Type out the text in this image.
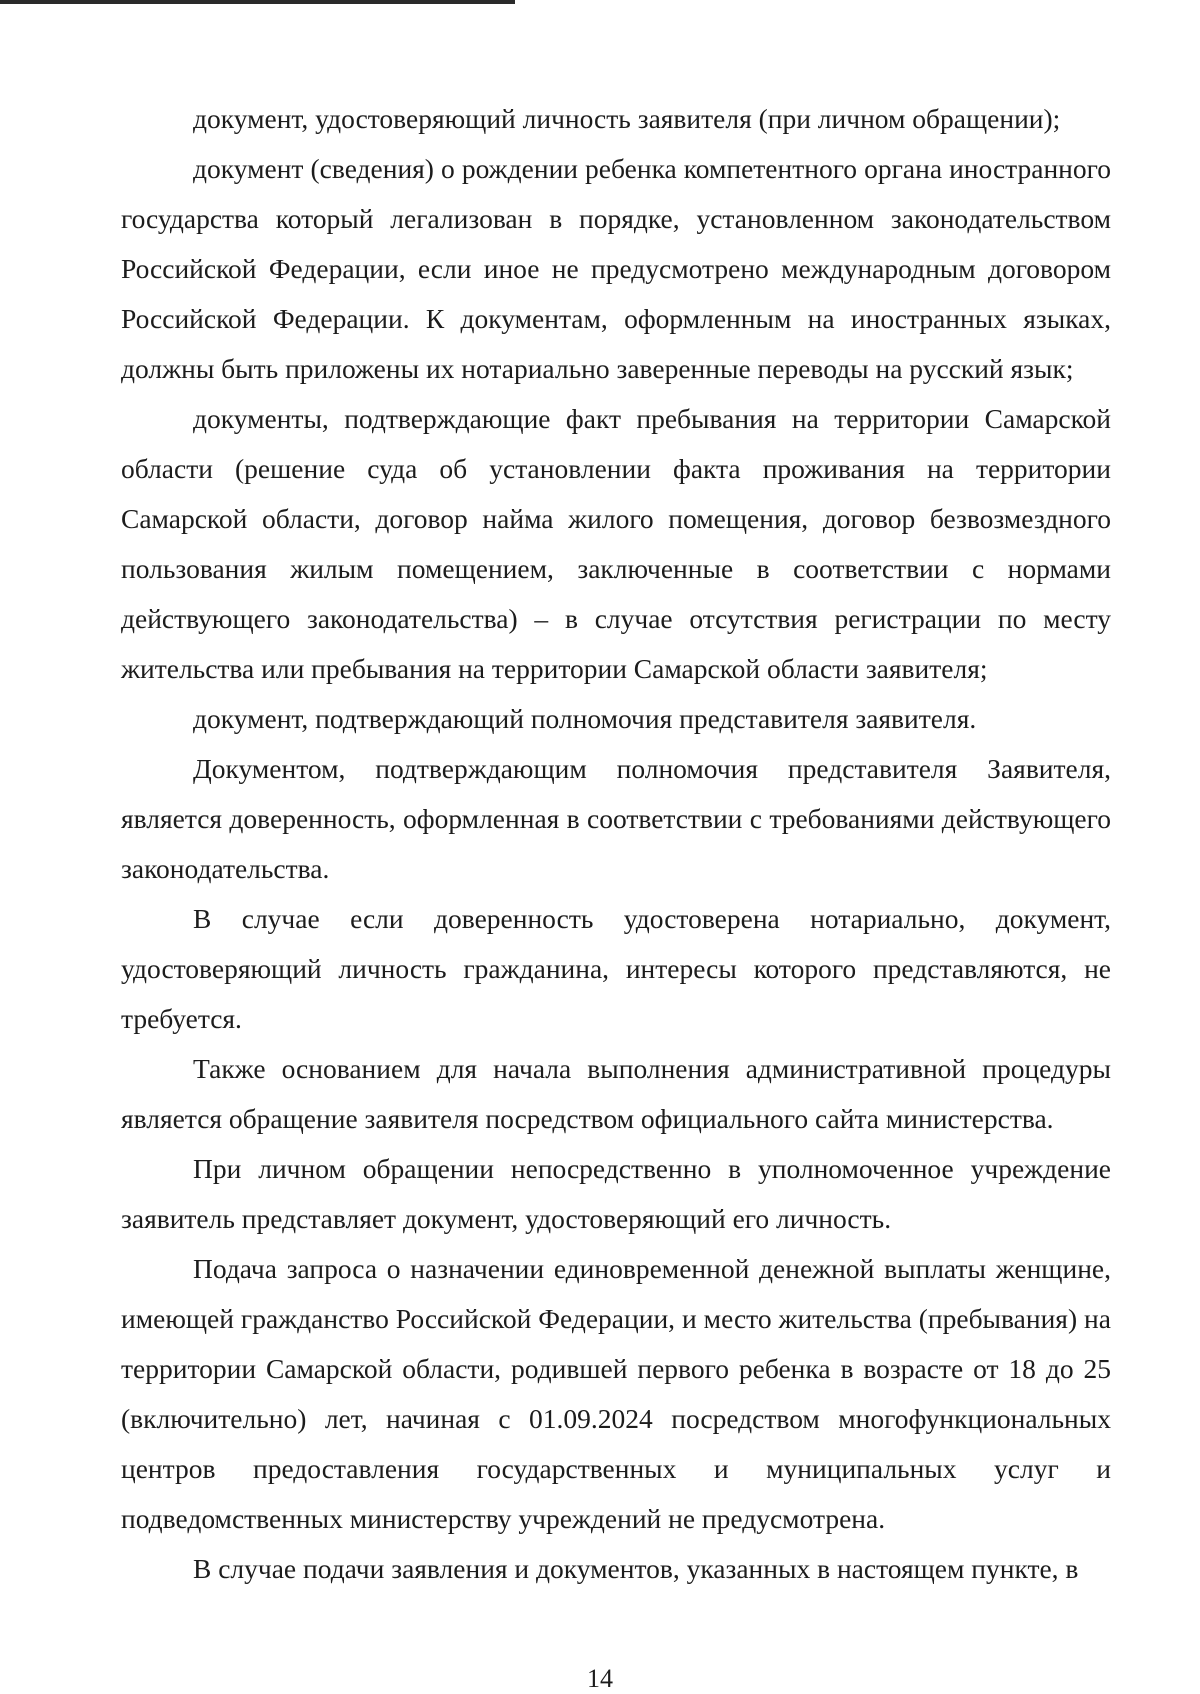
документ, удостоверяющий личность заявителя (при личном обращении);

документ (сведения) о рождении ребенка компетентного органа иностранного государства который легализован в порядке, установленном законодательством Российской Федерации, если иное не предусмотрено международным договором Российской Федерации. К документам, оформленным на иностранных языках, должны быть приложены их нотариально заверенные переводы на русский язык;

документы, подтверждающие факт пребывания на территории Самарской области (решение суда об установлении факта проживания на территории Самарской области, договор найма жилого помещения, договор безвозмездного пользования жилым помещением, заключенные в соответствии с нормами действующего законодательства) – в случае отсутствия регистрации по месту жительства или пребывания на территории Самарской области заявителя;

документ, подтверждающий полномочия представителя заявителя.

Документом, подтверждающим полномочия представителя Заявителя, является доверенность, оформленная в соответствии с требованиями действующего законодательства.

В случае если доверенность удостоверена нотариально, документ, удостоверяющий личность гражданина, интересы которого представляются, не требуется.

Также основанием для начала выполнения административной процедуры является обращение заявителя посредством официального сайта министерства.

При личном обращении непосредственно в уполномоченное учреждение заявитель представляет документ, удостоверяющий его личность.

Подача запроса о назначении единовременной денежной выплаты женщине, имеющей гражданство Российской Федерации, и место жительства (пребывания) на территории Самарской области, родившей первого ребенка в возрасте от 18 до 25 (включительно) лет, начиная с 01.09.2024 посредством многофункциональных центров предоставления государственных и муниципальных услуг и подведомственных министерству учреждений не предусмотрена.

В случае подачи заявления и документов, указанных в настоящем пункте, в

14
